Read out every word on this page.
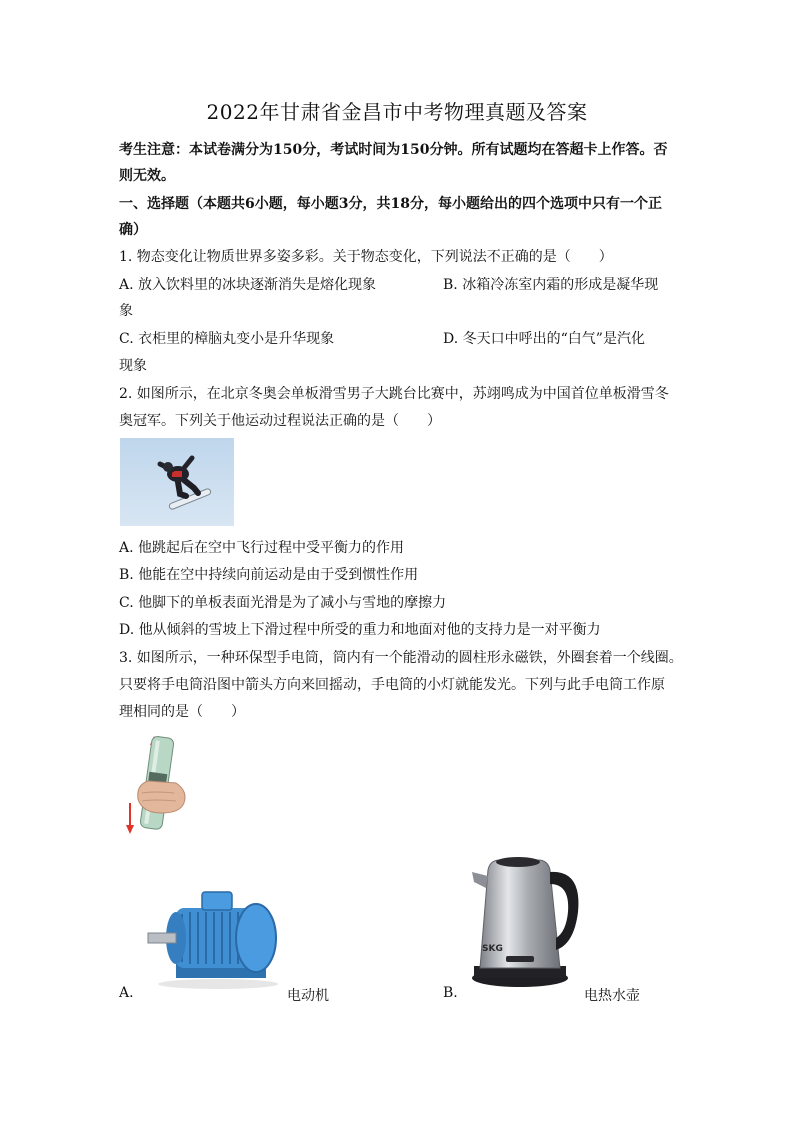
2022年甘肃省金昌市中考物理真题及答案
考生注意：本试卷满分为150分，考试时间为150分钟。所有试题均在答超卡上作答。否
则无效。
一、选择题（本题共6小题，每小题3分，共18分，每小题给出的四个选项中只有一个正
确）
1. 物态变化让物质世界多姿多彩。关于物态变化，下列说法不正确的是（　　）
A. 放入饮料里的冰块逐渐消失是熔化现象	B. 冰箱冷冻室内霜的形成是凝华现
象
C. 衣柜里的樟脑丸变小是升华现象	D. 冬天口中呼出的“白气”是汽化
现象
2. 如图所示，在北京冬奥会单板滑雪男子大跳台比赛中，苏翊鸣成为中国首位单板滑雪冬
奥冠军。下列关于他运动过程说法正确的是（　　）
A. 他跳起后在空中飞行过程中受平衡力的作用
B. 他能在空中持续向前运动是由于受到惯性作用
C. 他脚下的单板表面光滑是为了减小与雪地的摩擦力
D. 他从倾斜的雪坡上下滑过程中所受的重力和地面对他的支持力是一对平衡力
3. 如图所示，一种环保型手电筒，筒内有一个能滑动的圆柱形永磁铁，外圈套着一个线圈。
只要将手电筒沿图中箭头方向来回摇动，手电筒的小灯就能发光。下列与此手电筒工作原
理相同的是（　　）
A.	电动机
SKG
B.	电热水壶
